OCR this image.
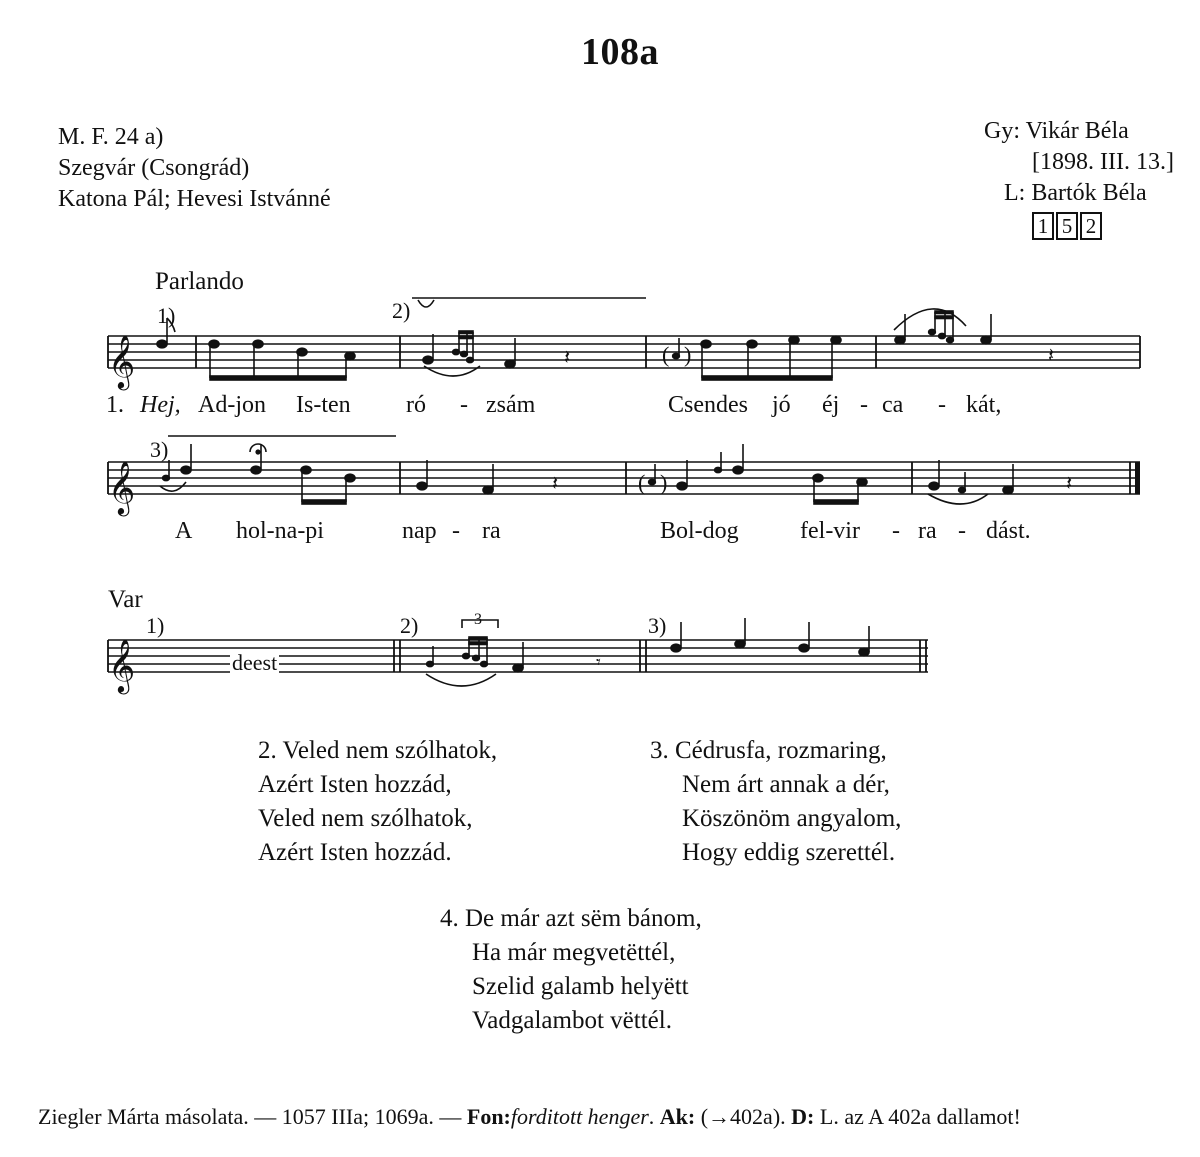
108a
M. F. 24 a)
Szegvár (Csongrád)
Katona Pál; Hevesi Istvánné
Gy: Vikár Béla
[1898. III. 13.]
L: Bartók Béla
1 5 2
Parlando
1)	2)
3)
𝄞
𝄞
𝄞
𝄽	( )	𝄽
𝄽	( )	𝄽
𝄾
1. Hej, Ad-jon Is-ten ró - zsám	Csendes jó éj - ca - kát,
A hol-na-pi	nap - ra	Bol-dog	fel-vir - ra - dást.
Var
1)	2)	3)
deest
3
2. Veled nem szólhatok,
Azért Isten hozzád,
Veled nem szólhatok,
Azért Isten hozzád.
3. Cédrusfa, rozmaring,
Nem árt annak a dér,
Köszönöm angyalom,
Hogy eddig szerettél.
4. De már azt sëm bánom,
Ha már megvetëttél,
Szelid galamb helyëtt
Vadgalambot vëttél.
Ziegler Márta másolata. — 1057 IIIa; 1069a. — Fon:forditott henger. Ak: (→402a). D: L. az A 402a dallamot!
